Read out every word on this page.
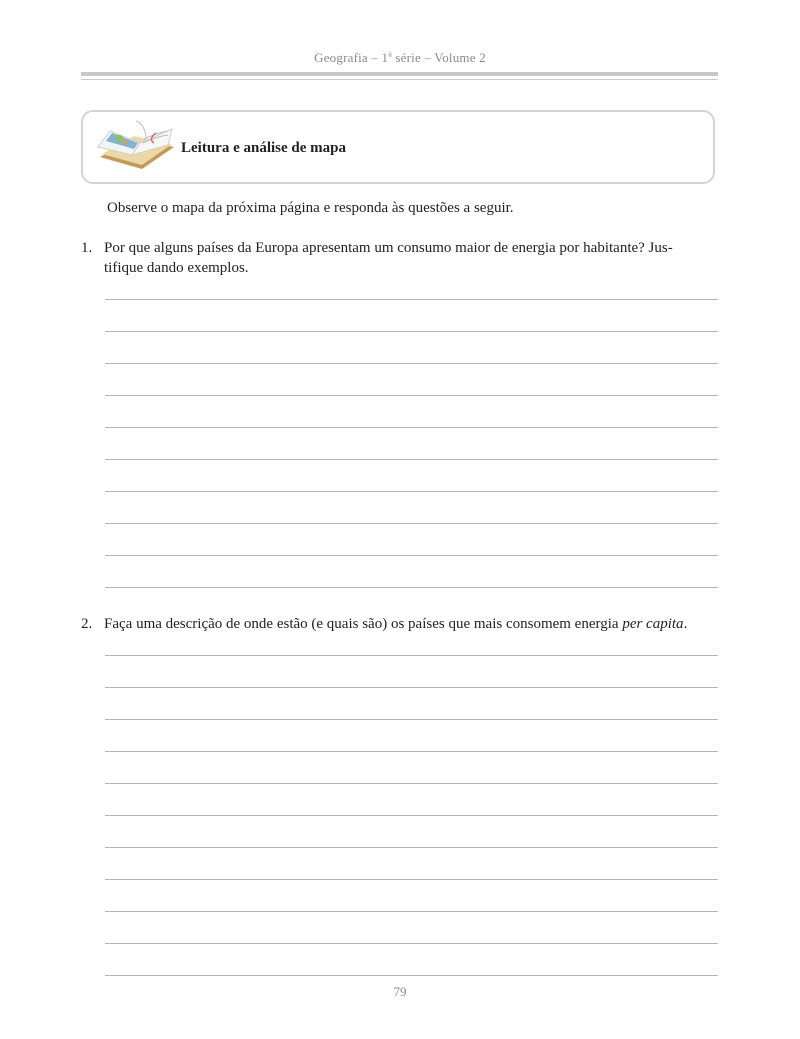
Geografia – 1$^a$ série – Volume 2
Leitura e análise de mapa
Observe o mapa da próxima página e responda às questões a seguir.
1. Por que alguns países da Europa apresentam um consumo maior de energia por habitante? Jus-
tifique dando exemplos.
2. Faça uma descrição de onde estão (e quais são) os países que mais consomem energia per capita.
79
